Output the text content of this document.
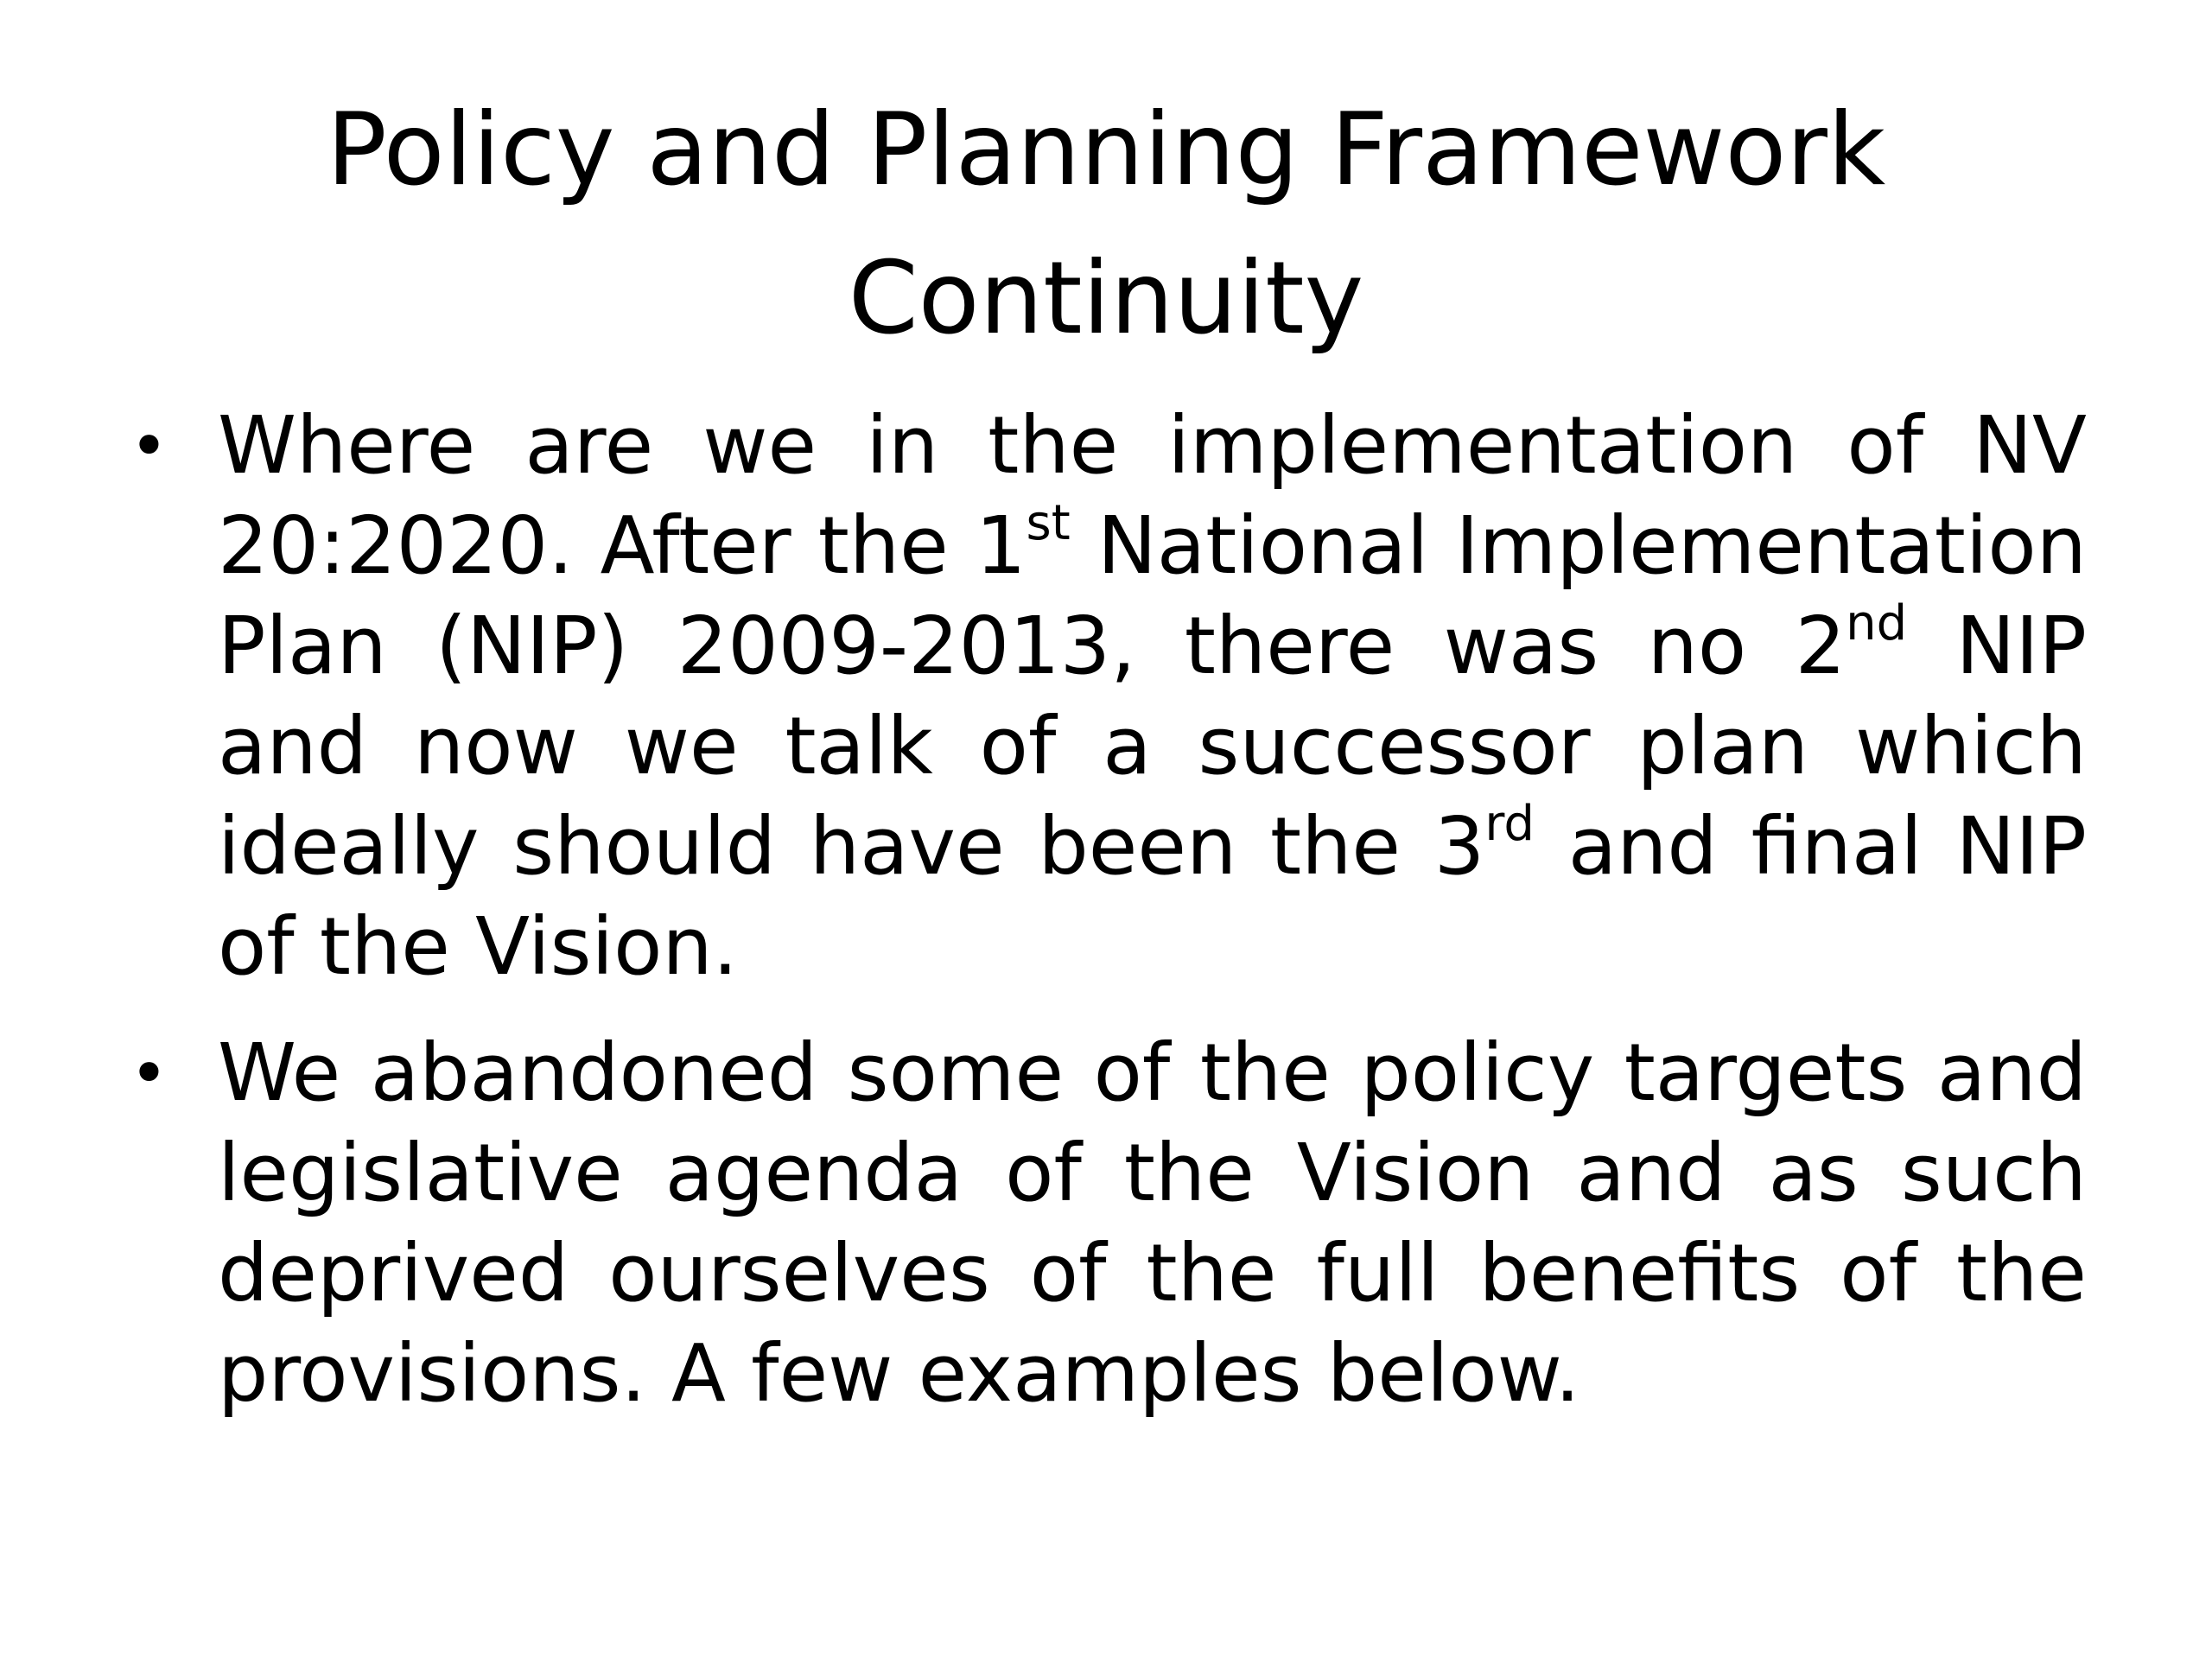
Policy and Planning Framework
Continuity
• Where are we in the implementation of NV 20:2020. After the 1st National Implementation Plan (NIP) 2009-2013, there was no 2nd NIP and now we talk of a successor plan which ideally should have been the 3rd and final NIP of the Vision.
• We abandoned some of the policy targets and legislative agenda of the Vision and as such deprived ourselves of the full benefits of the provisions. A few examples below.
